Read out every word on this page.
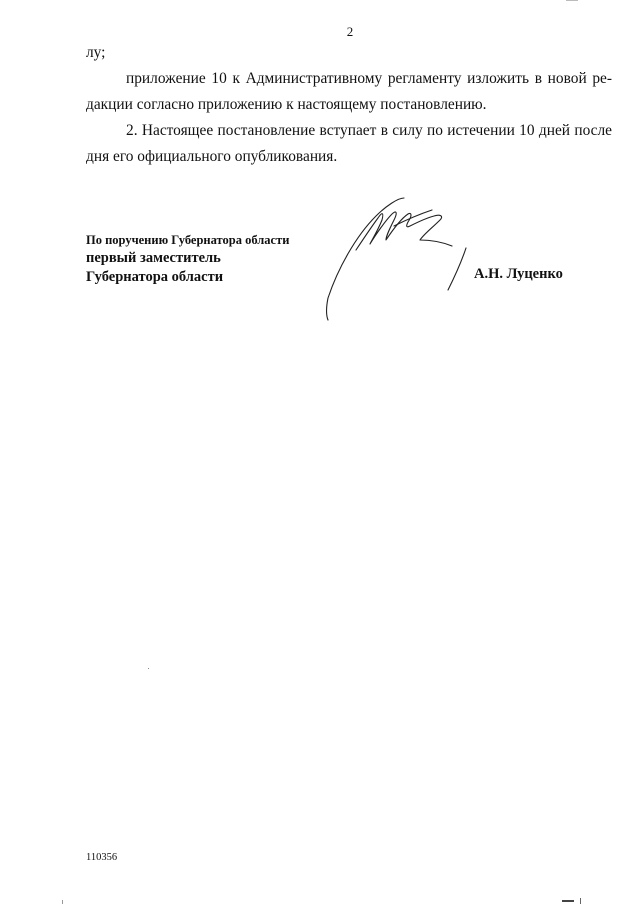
2
лу;
приложение 10 к Административному регламенту изложить в новой ре-
дакции согласно приложению к настоящему постановлению.
2. Настоящее постановление вступает в силу по истечении 10 дней после
дня его официального опубликования.
По поручению Губернатора области
первый заместитель
Губернатора области	А.Н. Луценко
110356
